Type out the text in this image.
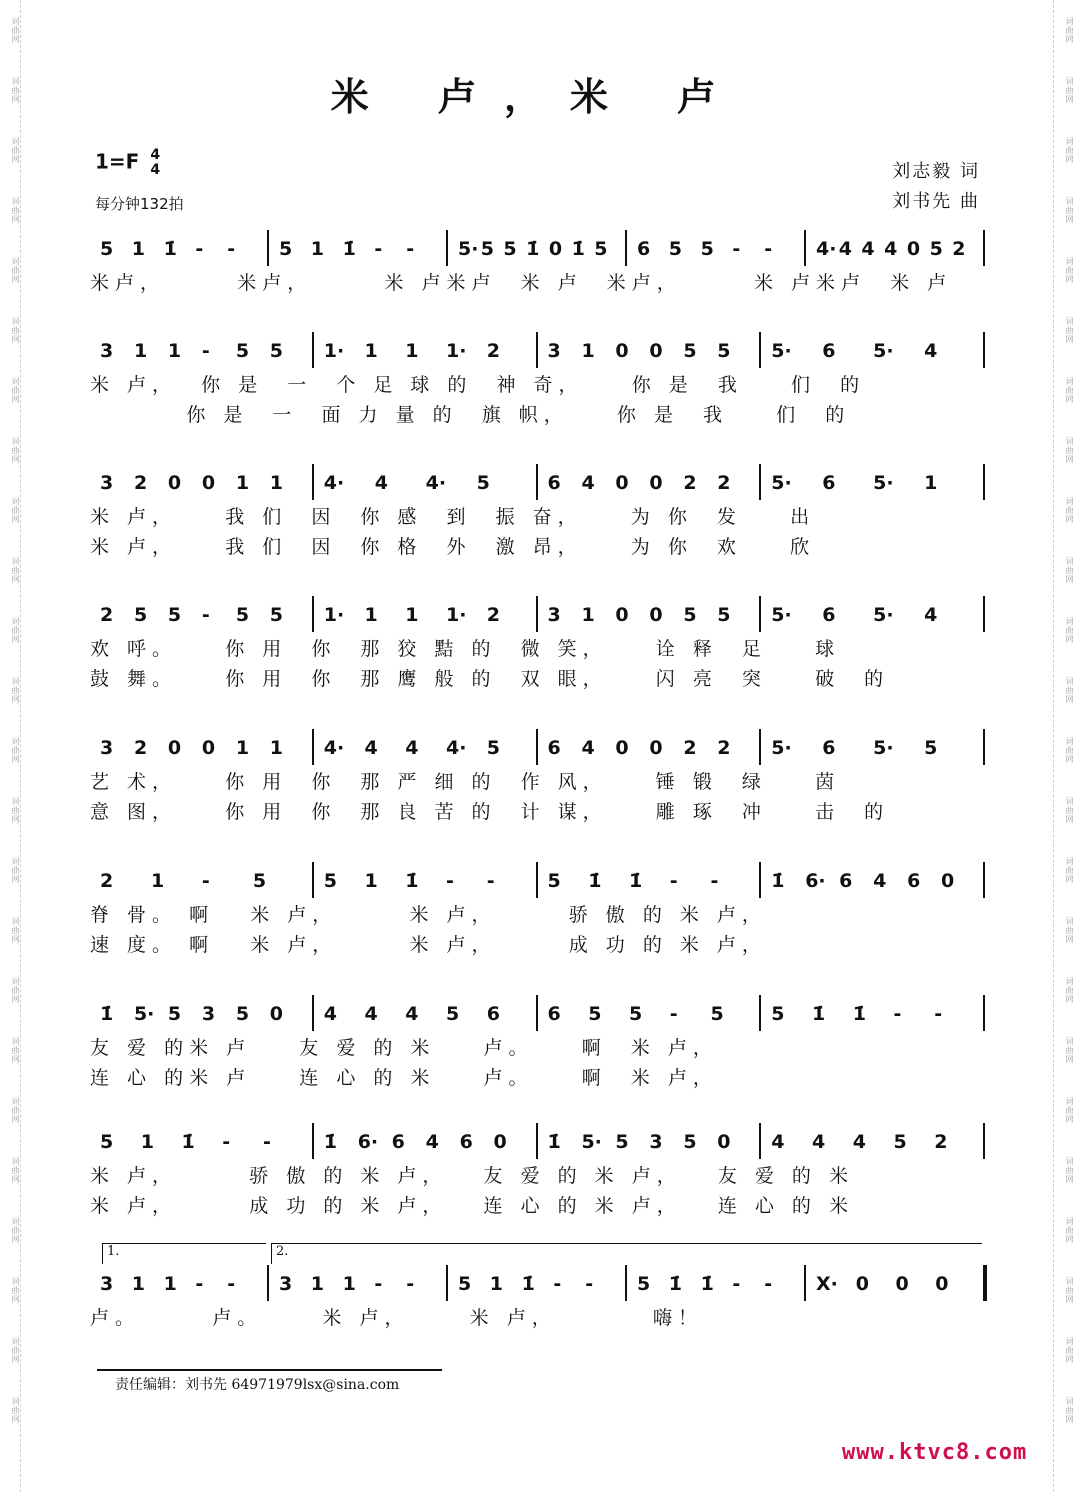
词曲网
词曲网
词曲网
词曲网
词曲网
词曲网
词曲网
词曲网
词曲网
词曲网
词曲网
词曲网
词曲网
词曲网
词曲网
词曲网
词曲网
词曲网
词曲网
词曲网
词曲网
词曲网
词曲网
词曲网
词曲网
词曲网
词曲网
词曲网
词曲网
词曲网
词曲网
词曲网
词曲网
词曲网
词曲网
词曲网
词曲网
词曲网
词曲网
词曲网
词曲网
词曲网
词曲网
词曲网
词曲网
词曲网
词曲网
词曲网
米 卢，米 卢
1=F 4
4
每分钟132拍
刘志毅 词
刘书先 曲
5 1 1̇ - - 5 1 1̇ - - 5· 5 5 1̇ 0 1̇ 5 6 5 5 - - 4· 4 4 4 0 5 2
米卢，      米卢，      米 卢米卢  米 卢  米卢，      米 卢米卢  米 卢
3 1 1 - 5 5 1· 1 1 1· 2	3 1 0 0 5 5 5· 6 5· 4
米 卢，  你 是  一  个 足 球 的  神 奇，    你 是  我    们  的
你 是  一  面 力 量 的  旗 帜，    你 是  我    们  的
3 2 0 0 1 1 4· 4 4· 5	6 4 0 0 2 2 5· 6 5· 1
米 卢，    我 们  因  你 感  到  振 奋，    为 你  发    出
米 卢，    我 们  因  你 格  外  激 昂，    为 你  欢    欣
2 5 5 - 5 5 1· 1 1 1· 2	3 1 0 0 5 5 5· 6 5· 4
欢 呼。    你 用  你  那 狡 黠 的  微 笑，    诠 释  足    球
鼓 舞。    你 用  你  那 鹰 般 的  双 眼，    闪 亮  突    破  的
3 2 0 0 1 1 4· 4 4 4· 5	6 4 0 0 2 2 5· 6 5· 5
艺 术，    你 用  你  那 严 细 的  作 风，    锤 锻  绿    茵
意 图，    你 用  你  那 良 苦 的  计 谋，    雕 琢  冲    击  的
2 1 - 5	5 1 1̇ - -	5 1̇ 1̇ - -	1̇ 6· 6 4 6 0
脊 骨。 啊   米 卢，      米 卢，      骄 傲 的 米 卢，
速 度。 啊   米 卢，      米 卢，      成 功 的 米 卢，
1̇ 5· 5 3 5 0 4 4 4 5 6	6 5 5 - 5	5 1̇ 1̇ - -
友 爱 的米 卢    友 爱 的 米    卢。    啊  米 卢，
连 心 的米 卢    连 心 的 米    卢。    啊  米 卢，
5 1 1̇ - -	1̇ 6· 6 4 6 0 1̇ 5· 5 3 5 0 4 4 4 5 2
米 卢，      骄 傲 的 米 卢，   友 爱 的 米 卢，   友 爱 的 米
米 卢，      成 功 的 米 卢，   连 心 的 米 卢，   连 心 的 米
3 1 1 - - 3 1 1 - - 5 1 1̇ - - 5 1̇ 1̇ - - X· 0 0 0
1.	2.
卢。      卢。     米 卢，     米 卢，        嗨！
责任编辑：刘书先 64971979lsx@sina.com
www.ktvc8.com
